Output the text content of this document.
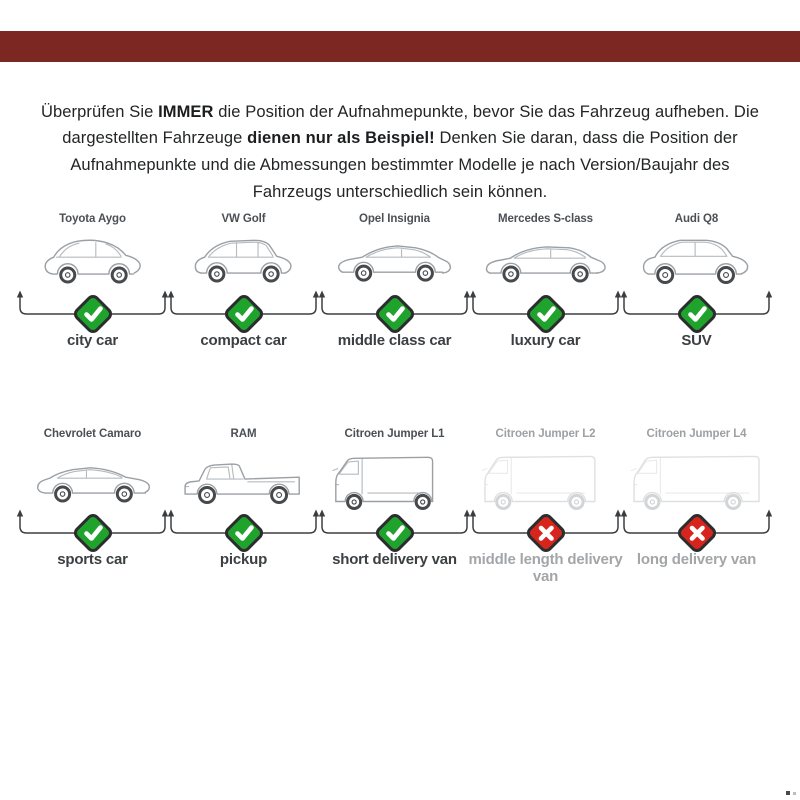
Überprüfen Sie IMMER die Position der Aufnahmepunkte, bevor Sie das Fahrzeug aufheben. Die dargestellten Fahrzeuge dienen nur als Beispiel! Denken Sie daran, dass die Position der Aufnahmepunkte und die Abmessungen bestimmter Modelle je nach Version/Baujahr des Fahrzeugs unterschiedlich sein können.

Toyota Aygo
city car
VW Golf
compact car
Opel Insignia
middle class car
Mercedes S-class
luxury car
Audi Q8
SUV
Chevrolet Camaro
sports car
RAM
pickup
Citroen Jumper L1
short delivery van
Citroen Jumper L2
middle length delivery van
Citroen Jumper L4
long delivery van
